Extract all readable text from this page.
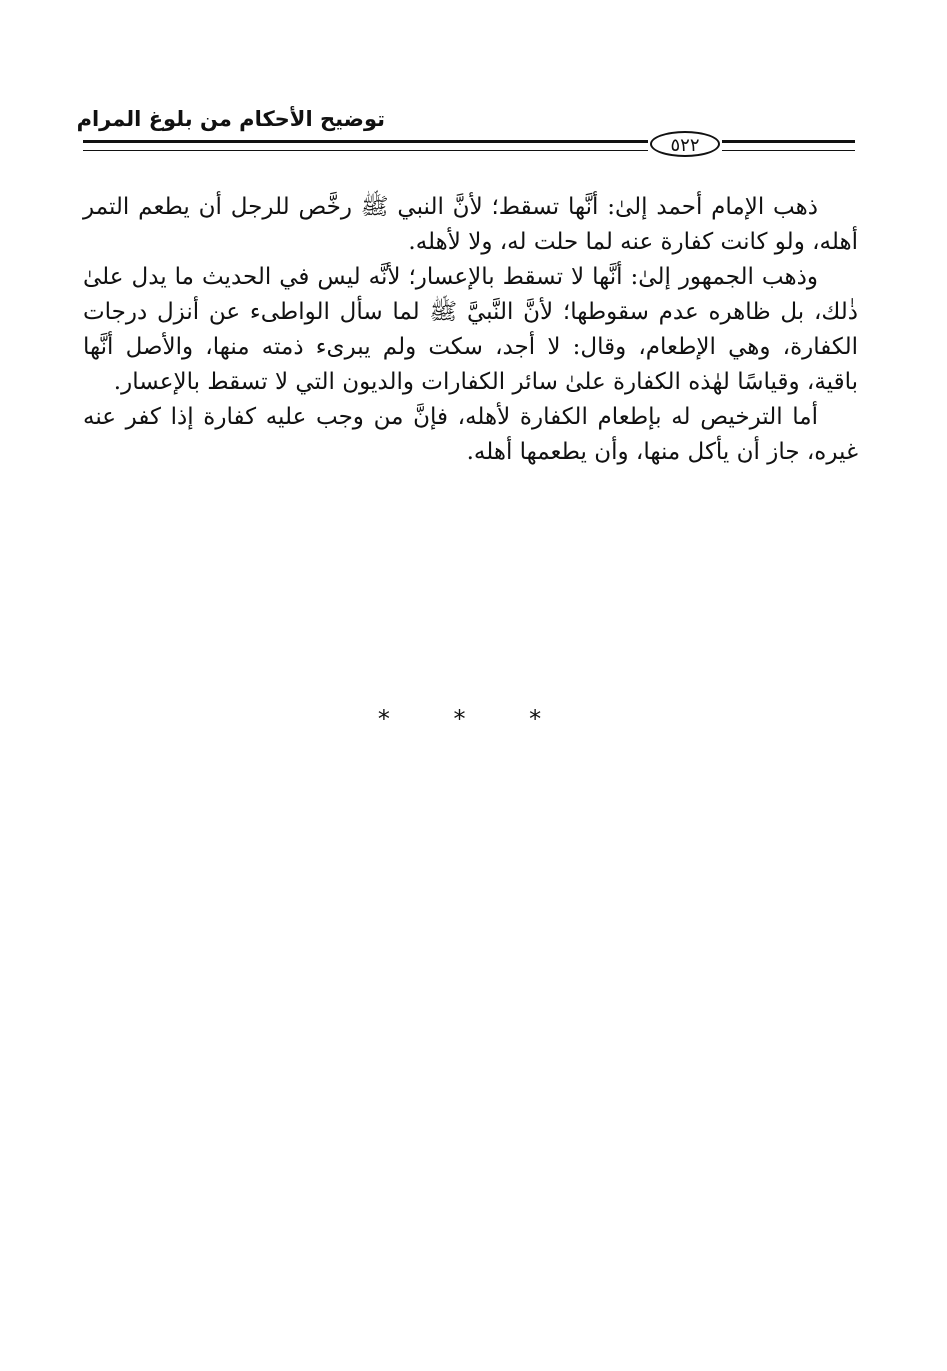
توضيح الأحكام من بلوغ المرام
٥٢٢

ذهب الإمام أحمد إلىٰ: أنَّها تسقط؛ لأنَّ النبي ﷺ رخَّص للرجل أن يطعم التمر أهله، ولو كانت كفارة عنه لما حلت له، ولا لأهله.

وذهب الجمهور إلىٰ: أنَّها لا تسقط بالإعسار؛ لأنَّه ليس في الحديث ما يدل علىٰ ذٰلك، بل ظاهره عدم سقوطها؛ لأنَّ النَّبيَّ ﷺ لما سأل الواطىء عن أنزل درجات الكفارة، وهي الإطعام، وقال: لا أجد، سكت ولم يبرىء ذمته منها، والأصل أنَّها باقية، وقياسًا لهٰذه الكفارة علىٰ سائر الكفارات والديون التي لا تسقط بالإعسار.

أما الترخيص له بإطعام الكفارة لأهله، فإنَّ من وجب عليه كفارة إذا كفر عنه غيره، جاز أن يأكل منها، وأن يطعمها أهله.

* * *
